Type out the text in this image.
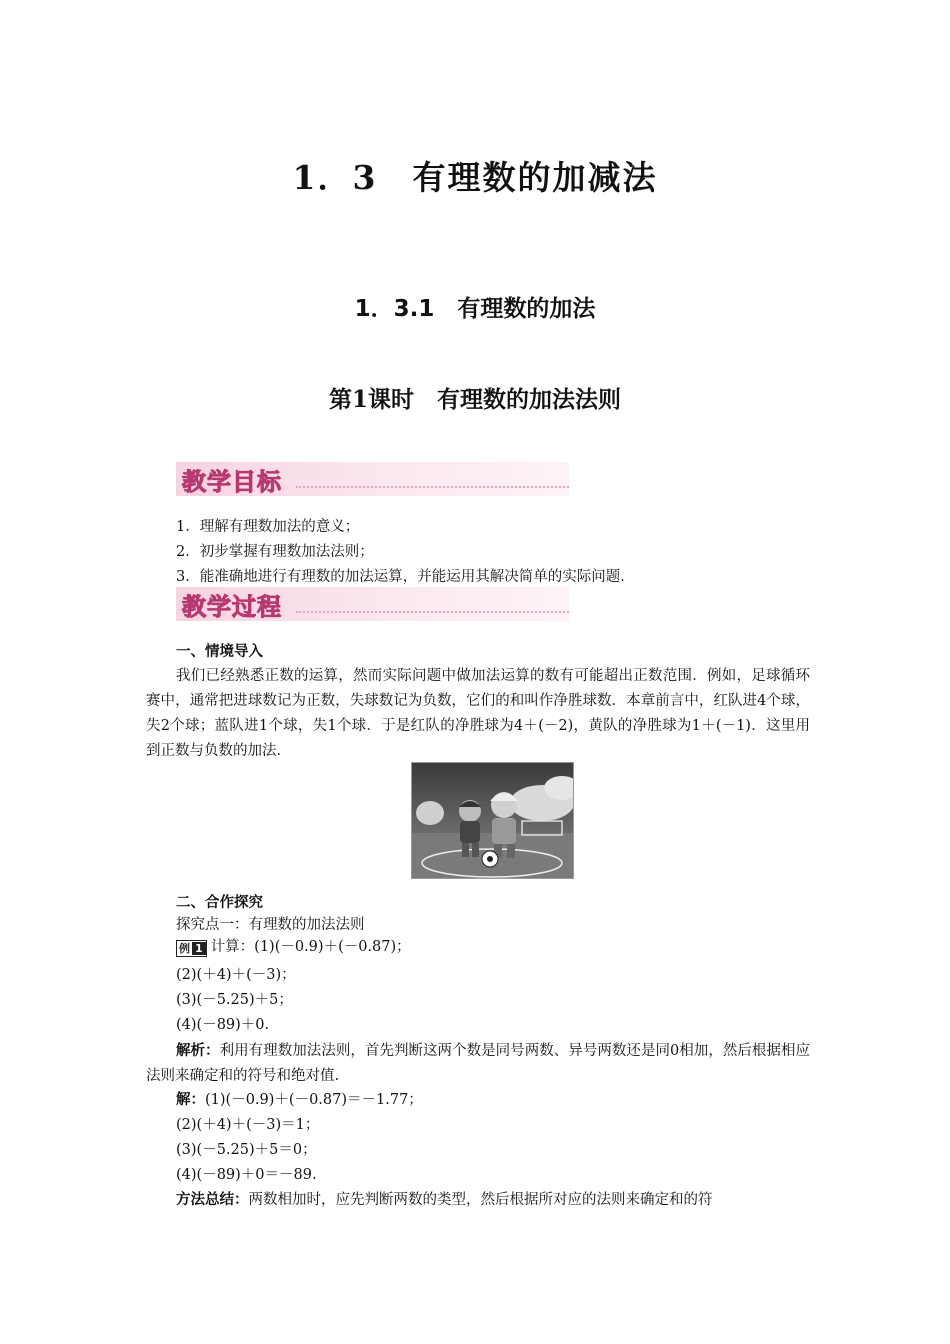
1．3　有理数的加减法
1．3.1　有理数的加法
第1课时　有理数的加法法则
教学目标
1．理解有理数加法的意义；
2．初步掌握有理数加法法则；
3．能准确地进行有理数的加法运算，并能运用其解决简单的实际问题．
教学过程
一、情境导入
我们已经熟悉正数的运算，然而实际问题中做加法运算的数有可能超出正数范围．例如，足球循环赛中，通常把进球数记为正数，失球数记为负数，它们的和叫作净胜球数．本章前言中，红队进4个球，失2个球；蓝队进1个球，失1个球．于是红队的净胜球为4＋(－2)，黄队的净胜球为1＋(－1)．这里用到正数与负数的加法．
二、合作探究
探究点一：有理数的加法法则
例 1 计算：(1)(－0.9)＋(－0.87)；
(2)(＋4)＋(－3)；
(3)(－5.25)＋5；
(4)(－89)＋0.
解析：利用有理数加法法则，首先判断这两个数是同号两数、异号两数还是同0相加，然后根据相应法则来确定和的符号和绝对值.
解：(1)(－0.9)＋(－0.87)＝－1.77；
(2)(＋4)＋(－3)＝1；
(3)(－5.25)＋5＝0；
(4)(－89)＋0＝－89.
方法总结：两数相加时，应先判断两数的类型，然后根据所对应的法则来确定和的符
